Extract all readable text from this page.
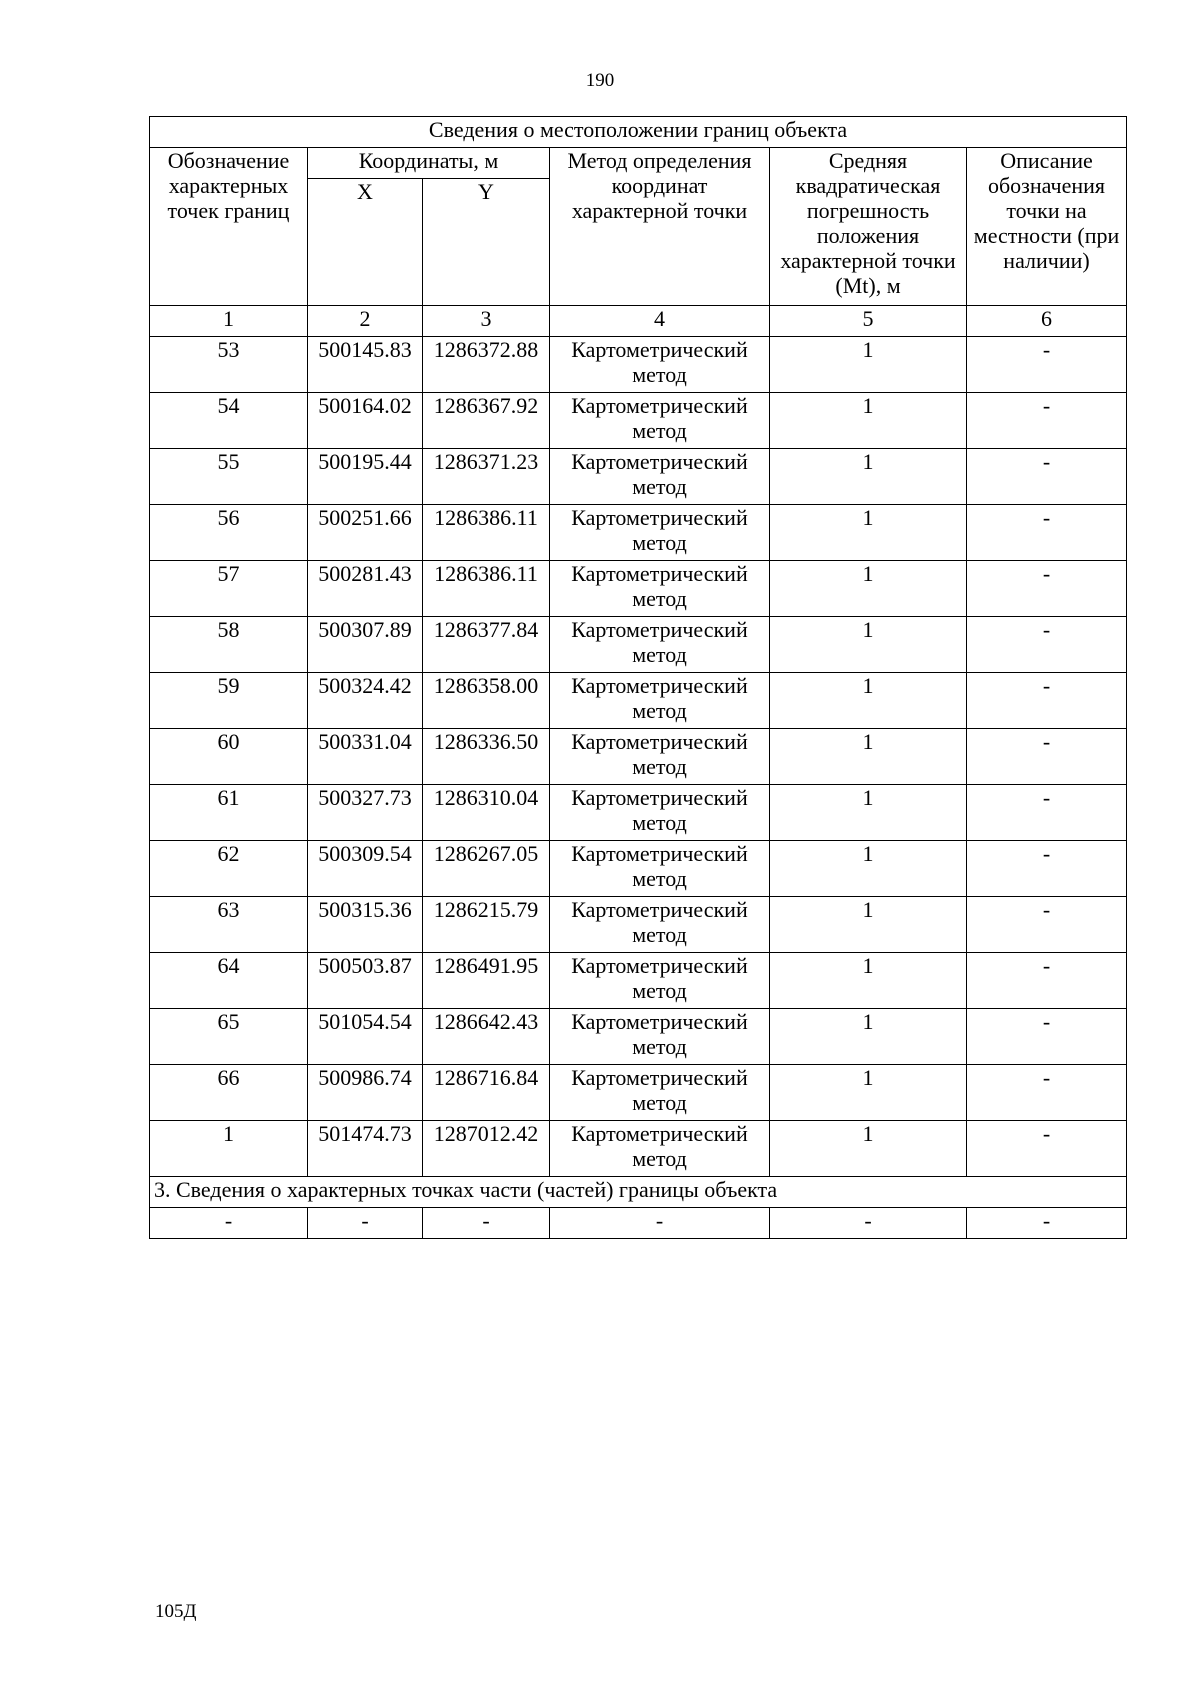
190
Сведения о местоположении границ объекта					
Обозначение характерных точек границ	Координаты, м		Метод определения координат характерной точки	Средняя квадратическая погрешность положения характерной точки (Mt), м	Описание обозначения точки на местности (при наличии)
	X	Y			
1	2	3	4	5	6
53	500145.83	1286372.88	Картометрический метод	1	-
54	500164.02	1286367.92	Картометрический метод	1	-
55	500195.44	1286371.23	Картометрический метод	1	-
56	500251.66	1286386.11	Картометрический метод	1	-
57	500281.43	1286386.11	Картометрический метод	1	-
58	500307.89	1286377.84	Картометрический метод	1	-
59	500324.42	1286358.00	Картометрический метод	1	-
60	500331.04	1286336.50	Картометрический метод	1	-
61	500327.73	1286310.04	Картометрический метод	1	-
62	500309.54	1286267.05	Картометрический метод	1	-
63	500315.36	1286215.79	Картометрический метод	1	-
64	500503.87	1286491.95	Картометрический метод	1	-
65	501054.54	1286642.43	Картометрический метод	1	-
66	500986.74	1286716.84	Картометрический метод	1	-
1	501474.73	1287012.42	Картометрический метод	1	-
3. Сведения о характерных точках части (частей) границы объекта					
-	-	-	-	-	-
105Д
